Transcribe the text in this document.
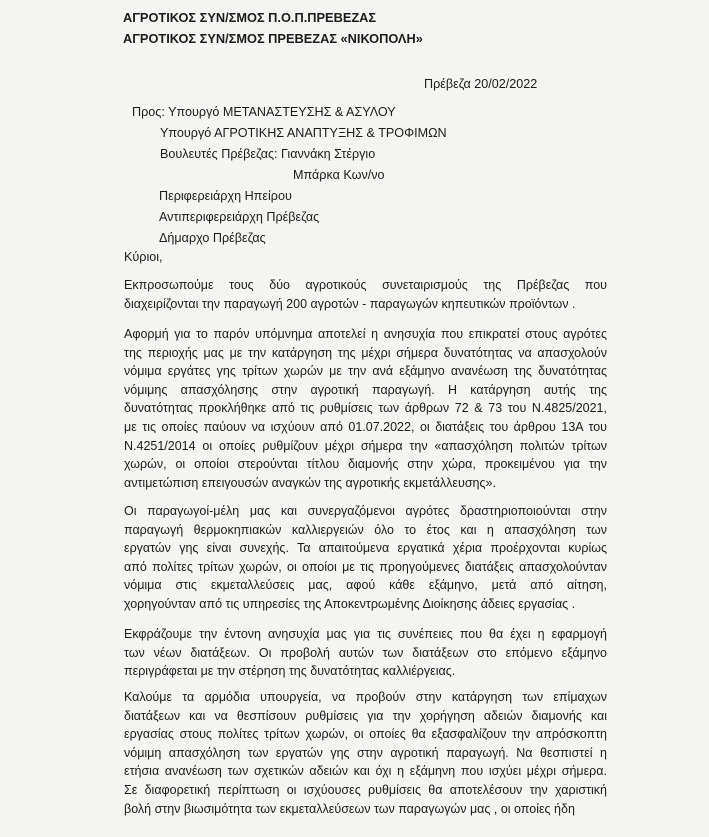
ΑΓΡΟΤΙΚΟΣ ΣΥΝ/ΣΜΟΣ Π.Ο.Π.ΠΡΕΒΕΖΑΣ
ΑΓΡΟΤΙΚΟΣ ΣΥΝ/ΣΜΟΣ ΠΡΕΒΕΖΑΣ «ΝΙΚΟΠΟΛΗ»
Πρέβεζα 20/02/2022
Προς: Υπουργό ΜΕΤΑΝΑΣΤΕΥΣΗΣ & ΑΣΥΛΟΥ
Υπουργό ΑΓΡΟΤΙΚΗΣ ΑΝΑΠΤΥΞΗΣ & ΤΡΟΦΙΜΩΝ
Βουλευτές Πρέβεζας: Γιαννάκη Στέργιο
Μπάρκα Κων/νο
Περιφερειάρχη Ηπείρου
Αντιπεριφερειάρχη Πρέβεζας
Δήμαρχο Πρέβεζας
Κύριοι,
Εκπροσωπούμε τους δύο αγροτικούς συνεταιρισμούς της Πρέβεζας που
διαχειρίζονται την παραγωγή 200 αγροτών - παραγωγών κηπευτικών προϊόντων .
Αφορμή για το παρόν υπόμνημα αποτελεί η ανησυχία που επικρατεί στους αγρότες
της περιοχής μας με την κατάργηση της μέχρι σήμερα δυνατότητας να απασχολούν
νόμιμα εργάτες γης τρίτων χωρών με την ανά εξάμηνο ανανέωση της δυνατότητας
νόμιμης απασχόλησης στην αγροτική παραγωγή. Η κατάργηση αυτής της
δυνατότητας προκλήθηκε από τις ρυθμίσεις των άρθρων 72 & 73 του Ν.4825/2021,
με τις οποίες παύουν να ισχύουν από 01.07.2022, οι διατάξεις του άρθρου 13Α του
Ν.4251/2014 οι οποίες ρυθμίζουν μέχρι σήμερα την «απασχόληση πολιτών τρίτων
χωρών, οι οποίοι στερούνται τίτλου διαμονής στην χώρα, προκειμένου για την
αντιμετώπιση επειγουσών αναγκών της αγροτικής εκμετάλλευσης».
Οι παραγωγοί-μέλη μας και συνεργαζόμενοι αγρότες δραστηριοποιούνται στην
παραγωγή θερμοκηπιακών καλλιεργειών όλο το έτος και η απασχόληση των
εργατών γης είναι συνεχής. Τα απαιτούμενα εργατικά χέρια προέρχονται κυρίως
από πολίτες τρίτων χωρών, οι οποίοι με τις προηγούμενες διατάξεις απασχολούνταν
νόμιμα στις εκμεταλλεύσεις μας, αφού κάθε εξάμηνο, μετά από αίτηση,
χορηγούνταν από τις υπηρεσίες της Αποκεντρωμένης Διοίκησης άδειες εργασίας .
Εκφράζουμε την έντονη ανησυχία μας για τις συνέπειες που θα έχει η εφαρμογή
των νέων διατάξεων. Οι προβολή αυτών των διατάξεων στο επόμενο εξάμηνο
περιγράφεται με την στέρηση της δυνατότητας καλλιέργειας.
Καλούμε τα αρμόδια υπουργεία, να προβούν στην κατάργηση των επίμαχων
διατάξεων και να θεσπίσουν ρυθμίσεις για την χορήγηση αδειών διαμονής και
εργασίας στους πολίτες τρίτων χωρών, οι οποίες θα εξασφαλίζουν την απρόσκοπτη
νόμιμη απασχόληση των εργατών γης στην αγροτική παραγωγή. Να θεσπιστεί η
ετήσια ανανέωση των σχετικών αδειών και όχι η εξάμηνη που ισχύει μέχρι σήμερα.
Σε διαφορετική περίπτωση οι ισχύουσες ρυθμίσεις θα αποτελέσουν την χαριστική
βολή στην βιωσιμότητα των εκμεταλλεύσεων των παραγωγών μας , οι οποίες ήδη
